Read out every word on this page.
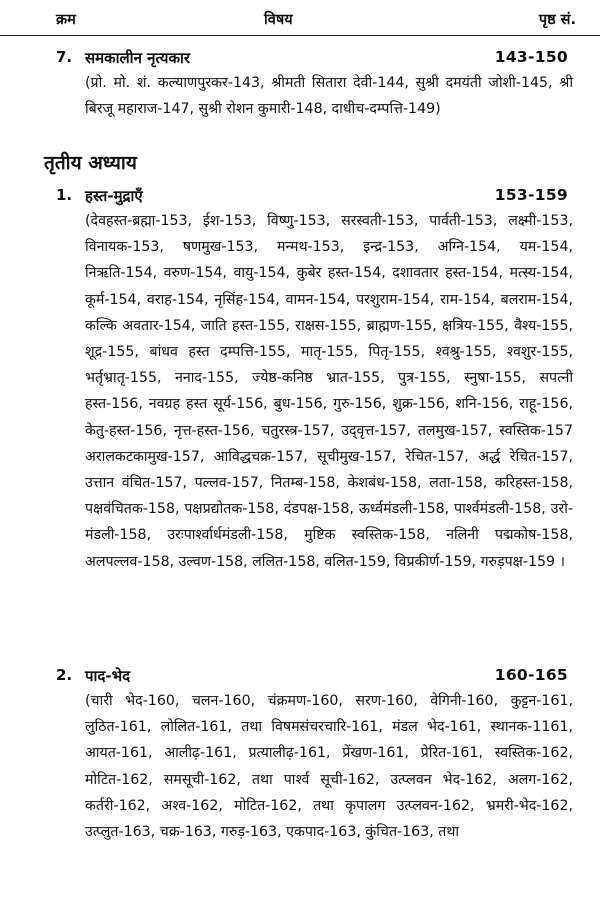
क्रम	विषय	पृष्ठ सं.
7. समकालीन नृत्यकार	143-150
(प्रो. मो. शं. कल्याणपुरकर-143, श्रीमती सितारा देवी-144, सुश्री दमयंती जोशी-145, श्री बिरजू महाराज-147, सुश्री रोशन कुमारी-148, दाधीच-दम्पत्ति-149)
तृतीय अध्याय
1. हस्त-मुद्राएँ	153-159
(देवहस्त-ब्रह्मा-153, ईश-153, विष्णु-153, सरस्वती-153, पार्वती-153, लक्ष्मी-153, विनायक-153, षणमुख-153, मन्मथ-153, इन्द्र-153, अग्नि-154, यम-154, निऋति-154, वरुण-154, वायु-154, कुबेर हस्त-154, दशावतार हस्त-154, मत्स्य-154, कूर्म-154, वराह-154, नृसिंह-154, वामन-154, परशुराम-154, राम-154, बलराम-154, कल्कि अवतार-154, जाति हस्त-155, राक्षस-155, ब्राह्मण-155, क्षत्रिय-155, वैश्य-155, शूद्र-155, बांधव हस्त दम्पत्ति-155, मातृ-155, पितृ-155, श्वश्रु-155, श्वशुर-155, भर्तृभ्रातृ-155, ननाद-155, ज्येष्ठ-कनिष्ठ भ्रात-155, पुत्र-155, स्नुषा-155, सपत्नी हस्त-156, नवग्रह हस्त सूर्य-156, बुध-156, गुरु-156, शुक्र-156, शनि-156, राहू-156, केतु-हस्त-156, नृत्त-हस्त-156, चतुरस्त्र-157, उद्‌वृत्त-157, तलमुख-157, स्वस्तिक-157 अरालकटकामुख-157, आविद्धचक्र-157, सूचीमुख-157, रेचित-157, अर्द्ध रेचित-157, उत्तान वंचित-157, पल्लव-157, नितम्ब-158, केशबंध-158, लता-158, करिहस्त-158, पक्षवंचितक-158, पक्षप्रद्योतक-158, दंडपक्ष-158, ऊर्ध्वमंडली-158, पार्श्वमंडली-158, उरो-मंडली-158, उरःपार्श्वार्धमंडली-158, मुष्टिक स्वस्तिक-158, नलिनी पद्मकोष-158, अलपल्लव-158, उल्वण-158, ललित-158, वलित-159, विप्रकीर्ण-159, गरुड़पक्ष-159 ।
2. पाद-भेद	160-165
(चारी भेद-160, चलन-160, चंक्रमण-160, सरण-160, वेगिनी-160, कुट्टन-161, लुठित-161, लोलित-161, तथा विषमसंचरचारि-161, मंडल भेद-161, स्थानक-1161, आयत-161, आलीढ़-161, प्रत्यालीढ़-161, प्रेंखण-161, प्रेरित-161, स्वस्तिक-162, मोटित-162, समसूची-162, तथा पार्श्व सूची-162, उत्प्लवन भेद-162, अलग-162, कर्तरी-162, अश्व-162, मोटित-162, तथा कृपालग उत्प्लवन-162, भ्रमरी-भेद-162, उत्प्लुत-163, चक्र-163, गरुड़-163, एकपाद-163, कुंचित-163, तथा
